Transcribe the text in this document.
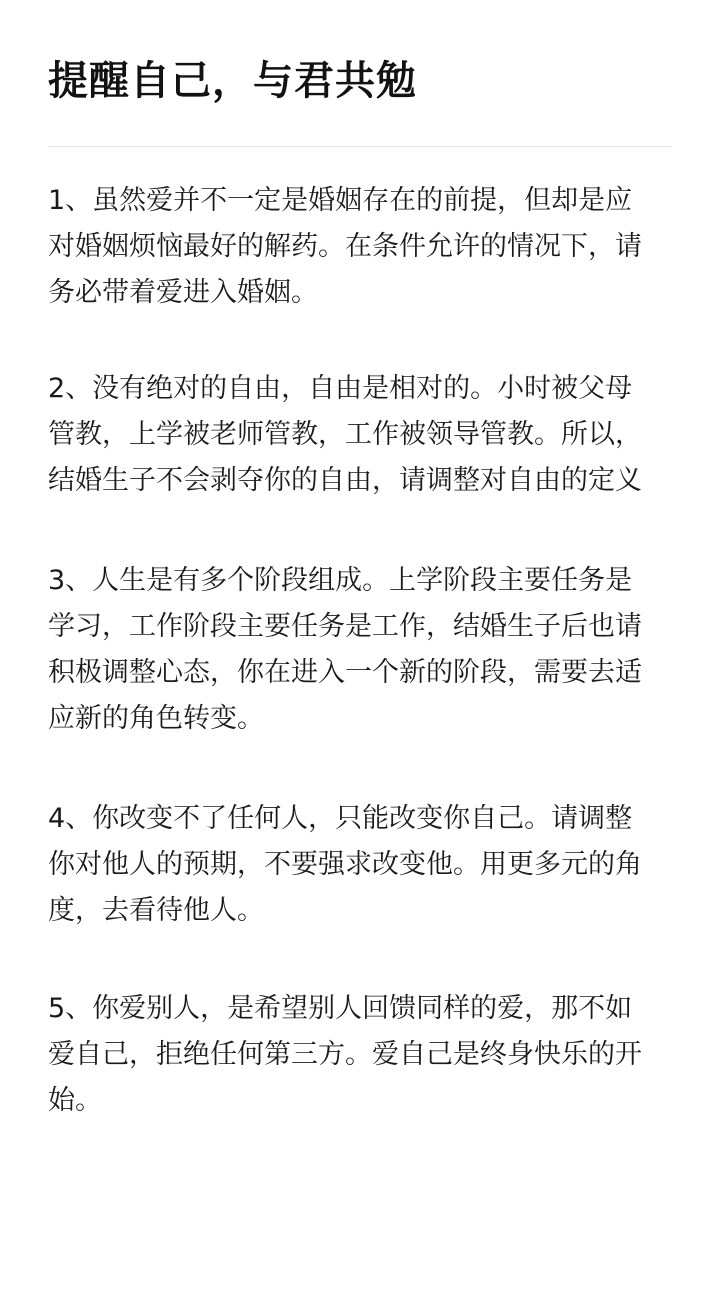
提醒自己，与君共勉
1、虽然爱并不一定是婚姻存在的前提，但却是应
对婚姻烦恼最好的解药。在条件允许的情况下，请
务必带着爱进入婚姻。
2、没有绝对的自由，自由是相对的。小时被父母
管教，上学被老师管教，工作被领导管教。所以，
结婚生子不会剥夺你的自由，请调整对自由的定义
3、人生是有多个阶段组成。上学阶段主要任务是
学习，工作阶段主要任务是工作，结婚生子后也请
积极调整心态，你在进入一个新的阶段，需要去适
应新的角色转变。
4、你改变不了任何人，只能改变你自己。请调整
你对他人的预期，不要强求改变他。用更多元的角
度，去看待他人。
5、你爱别人，是希望别人回馈同样的爱，那不如
爱自己，拒绝任何第三方。爱自己是终身快乐的开
始。
